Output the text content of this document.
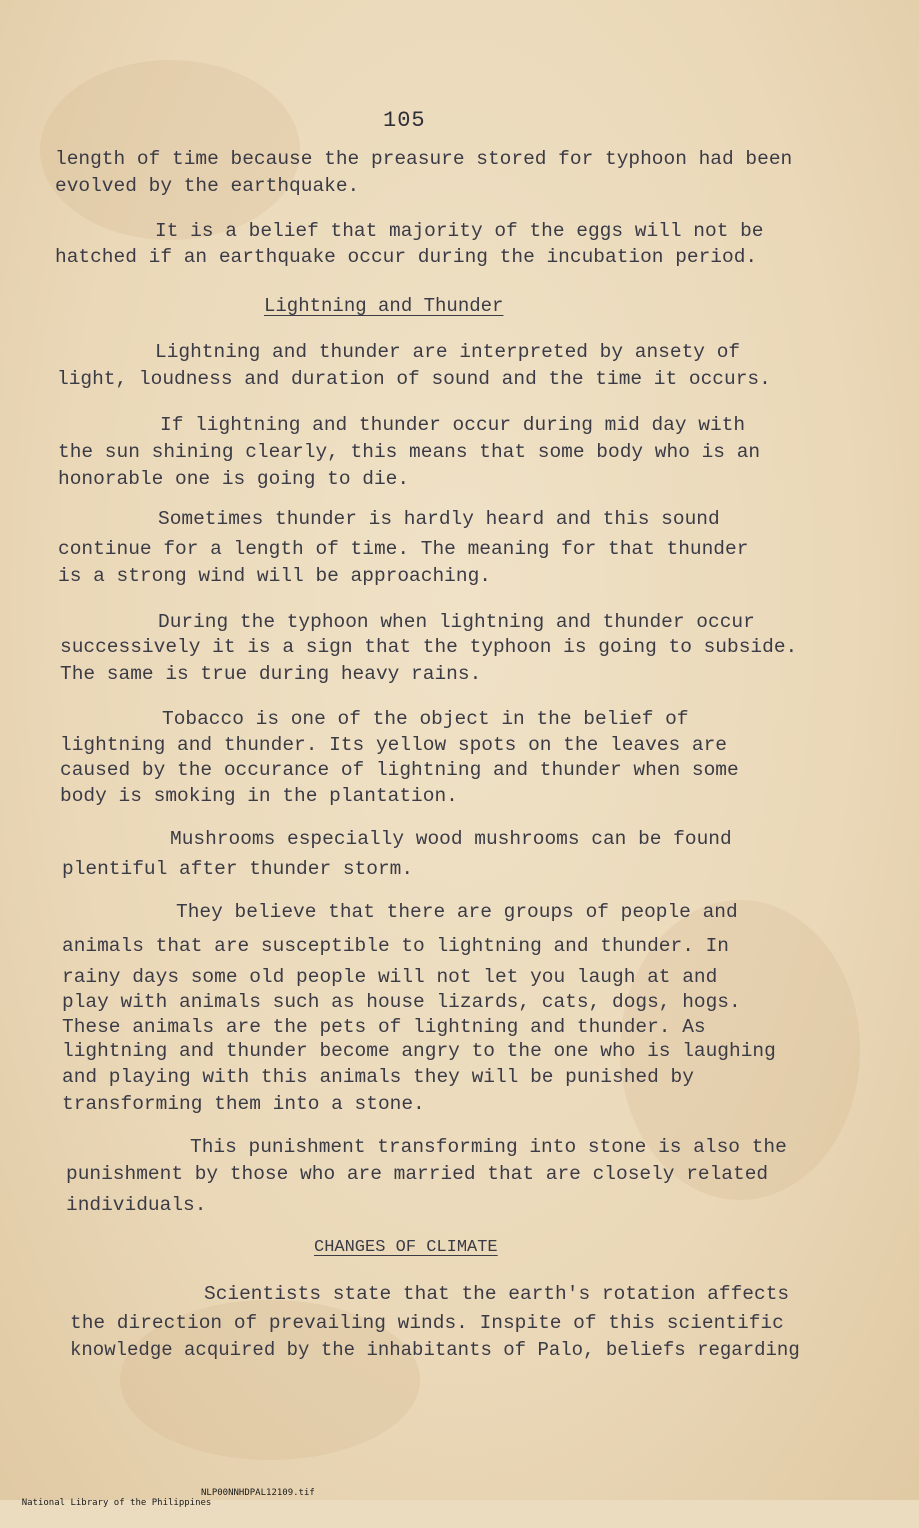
105
length of time because the preasure stored for typhoon had been
evolved by the earthquake.
It is a belief that majority of the eggs will not be
hatched if an earthquake occur during the incubation period.
Lightning and Thunder
Lightning and thunder are interpreted by ansety of
light, loudness and duration of sound and the time it occurs.
If lightning and thunder occur during mid day with
the sun shining clearly, this means that some body who is an
honorable one is going to die.
Sometimes thunder is hardly heard and this sound
continue for a length of time. The meaning for that thunder
is a strong wind will be approaching.
During the typhoon when lightning and thunder occur
successively it is a sign that the typhoon is going to subside.
The same is true during heavy rains.
Tobacco is one of the object in the belief of
lightning and thunder. Its yellow spots on the leaves are
caused by the occurance of lightning and thunder when some
body is smoking in the plantation.
Mushrooms especially wood mushrooms can be found
plentiful after thunder storm.
They believe that there are groups of people and
animals that are susceptible to lightning and thunder. In
rainy days some old people will not let you laugh at and
play with animals such as house lizards, cats, dogs, hogs.
These animals are the pets of lightning and thunder. As
lightning and thunder become angry to the one who is laughing
and playing with this animals they will be punished by
transforming them into a stone.
This punishment transforming into stone is also the
punishment by those who are married that are closely related
individuals.
CHANGES OF CLIMATE
Scientists state that the earth's rotation affects
the direction of prevailing winds. Inspite of this scientific
knowledge acquired by the inhabitants of Palo, beliefs regarding

National Library of the Philippines

NLP00NNHDPAL12109.tif
